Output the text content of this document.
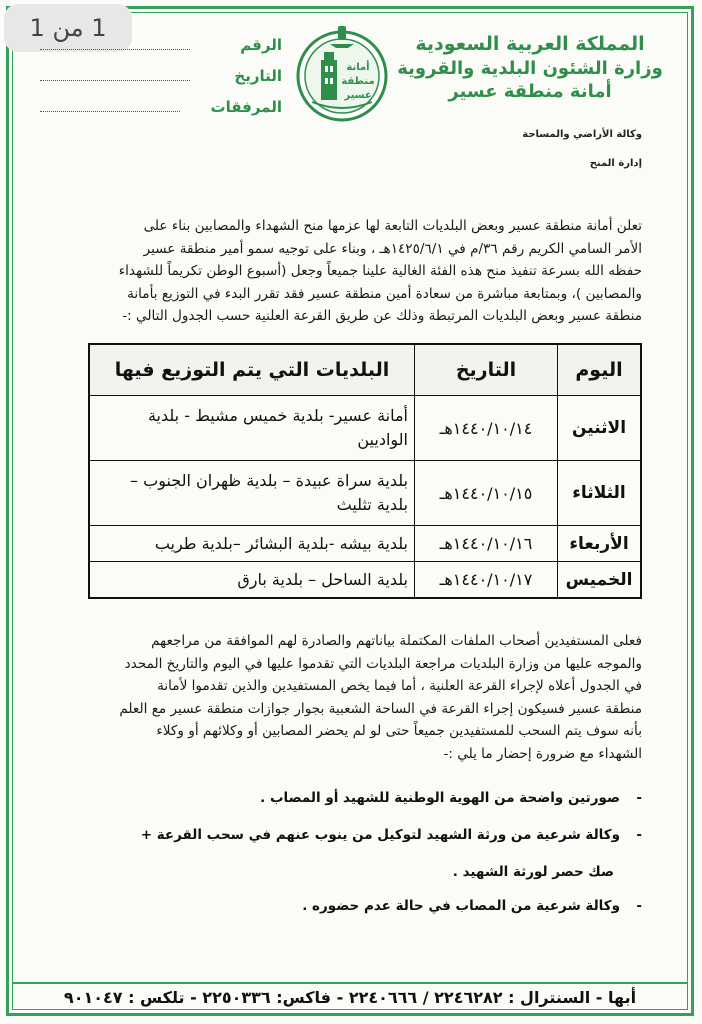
1 من 1
المملكة العربية السعودية
وزارة الشئون البلدية والقروية
أمانة منطقة عسير
وكالة الأراضي والمساحة
إدارة المنح
أمانة
منطقة
عسير
الرقم
التاريخ
المرفقات
تعلن أمانة منطقة عسير وبعض البلديات التابعة لها عزمها منح الشهداء والمصابين بناء على
الأمر السامي الكريم رقم ٣٦/م في ١٤٢٥/٦/١هـ ، وبناء على توجيه سمو أمير منطقة عسير
حفظه الله بسرعة تنفيذ منح هذه الفئة الغالية علينا جميعاً وجعل (أسبوع الوطن تكريماً للشهداء
والمصابين )، وبمتابعة مباشرة من سعادة أمين منطقة عسير فقد تقرر البدء في التوزيع بأمانة
منطقة عسير وبعض البلديات المرتبطة وذلك عن طريق القرعة العلنية حسب الجدول التالي :-
اليوم	التاريخ	البلديات التي يتم التوزيع فيها
الاثنين	١٤٤٠/١٠/١٤هـ	أمانة عسير- بلدية خميس مشيط - بلدية الواديين
الثلاثاء	١٤٤٠/١٠/١٥هـ	بلدية سراة عبيدة – بلدية ظهران الجنوب – بلدية تثليث
الأربعاء	١٤٤٠/١٠/١٦هـ	بلدية بيشه -بلدية البشائر –بلدية طريب
الخميس	١٤٤٠/١٠/١٧هـ	بلدية الساحل – بلدية بارق
فعلى المستفيدين أصحاب الملفات المكتملة بياناتهم والصادرة لهم الموافقة من مراجعهم
والموجه عليها من وزارة البلديات مراجعة البلديات التي تقدموا عليها في اليوم والتاريخ المحدد
في الجدول أعلاه لإجراء القرعة العلنية ، أما فيما يخص المستفيدين والذين تقدموا لأمانة
منطقة عسير فسيكون إجراء القرعة في الساحة الشعبية بجوار جوازات منطقة عسير مع العلم
بأنه سوف يتم السحب للمستفيدين جميعاً حتى لو لم يحضر المصابين أو وكلائهم أو وكلاء
الشهداء مع ضرورة إحضار ما يلي :-
-
صورتين واضحة من الهوية الوطنية للشهيد أو المصاب .
-
وكالة شرعية من ورثة الشهيد لتوكيل من ينوب عنهم في سحب القرعة +
صك حصر لورثة الشهيد .
-
وكالة شرعية من المصاب في حالة عدم حضوره .
أبها - السنترال : ٢٢٤٦٢٨٢ / ٢٢٤٠٦٦٦ - فاكس: ٢٢٥٠٣٣٦ - تلكس : ٩٠١٠٤٧
